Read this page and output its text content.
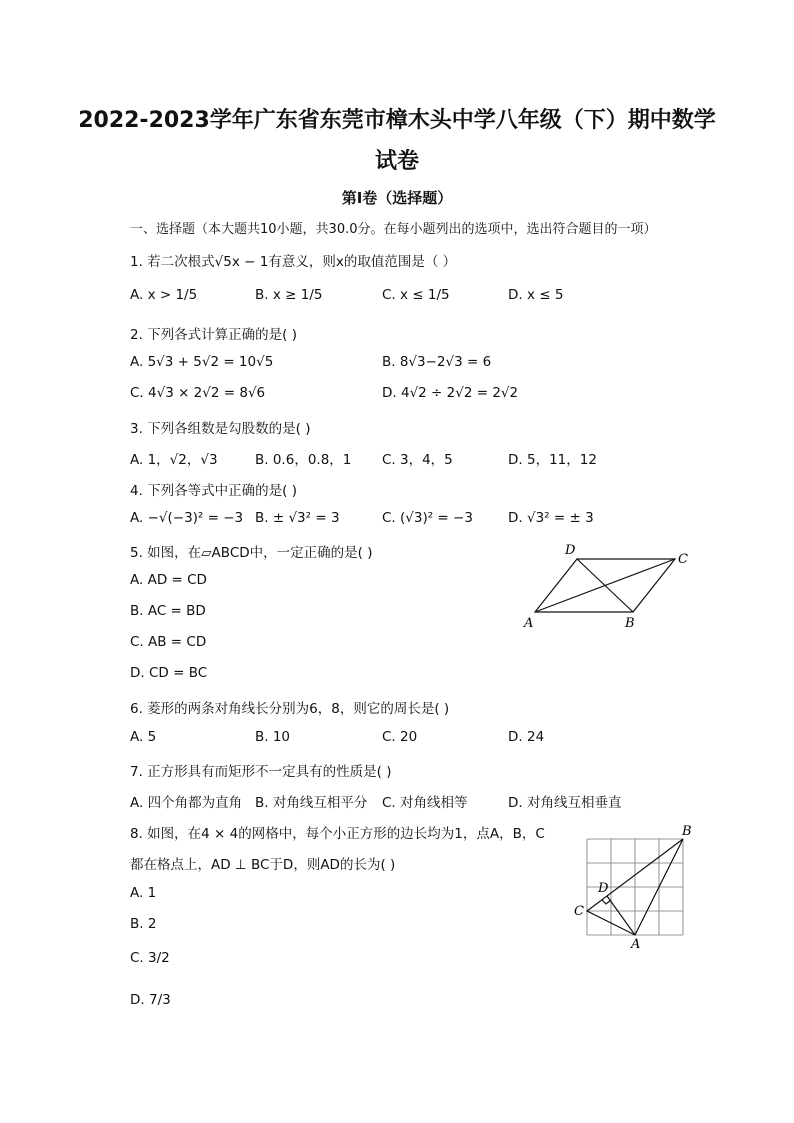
2022-2023学年广东省东莞市樟木头中学八年级（下）期中数学
试卷
第I卷（选择题）
一、选择题（本大题共10小题，共30.0分。在每小题列出的选项中，选出符合题目的一项）
1. 若二次根式√5x − 1有意义，则x的取值范围是（ ）
A. x > 1/5	B. x ≥ 1/5	C. x ≤ 1/5	D. x ≤ 5
2. 下列各式计算正确的是( )
A. 5√3 + 5√2 = 10√5	B. 8√3−2√3 = 6
C. 4√3 × 2√2 = 8√6	D. 4√2 ÷ 2√2 = 2√2
3. 下列各组数是勾股数的是( )
A. 1，√2，√3	B. 0.6，0.8，1 C. 3，4，5	D. 5，11，12
4. 下列各等式中正确的是( )
A. −√(−3)² = −3 B. ± √3² = 3	C. (√3)² = −3	D. √3² = ± 3
5. 如图，在▱ABCD中，一定正确的是( )
A. AD = CD
B. AC = BD
C. AB = CD
D. CD = BC
D
C
A	B
6. 菱形的两条对角线长分别为6，8，则它的周长是( )
A. 5	B. 10	C. 20	D. 24
7. 正方形具有而矩形不一定具有的性质是( )
A. 四个角都为直角 B. 对角线互相平分 C. 对角线相等	D. 对角线互相垂直
8. 如图，在4 × 4的网格中，每个小正方形的边长均为1，点A，B，C
都在格点上，AD ⊥ BC于D，则AD的长为( )
A. 1
B. 2
C. 3/2
D. 7/3
B
D
C
A
